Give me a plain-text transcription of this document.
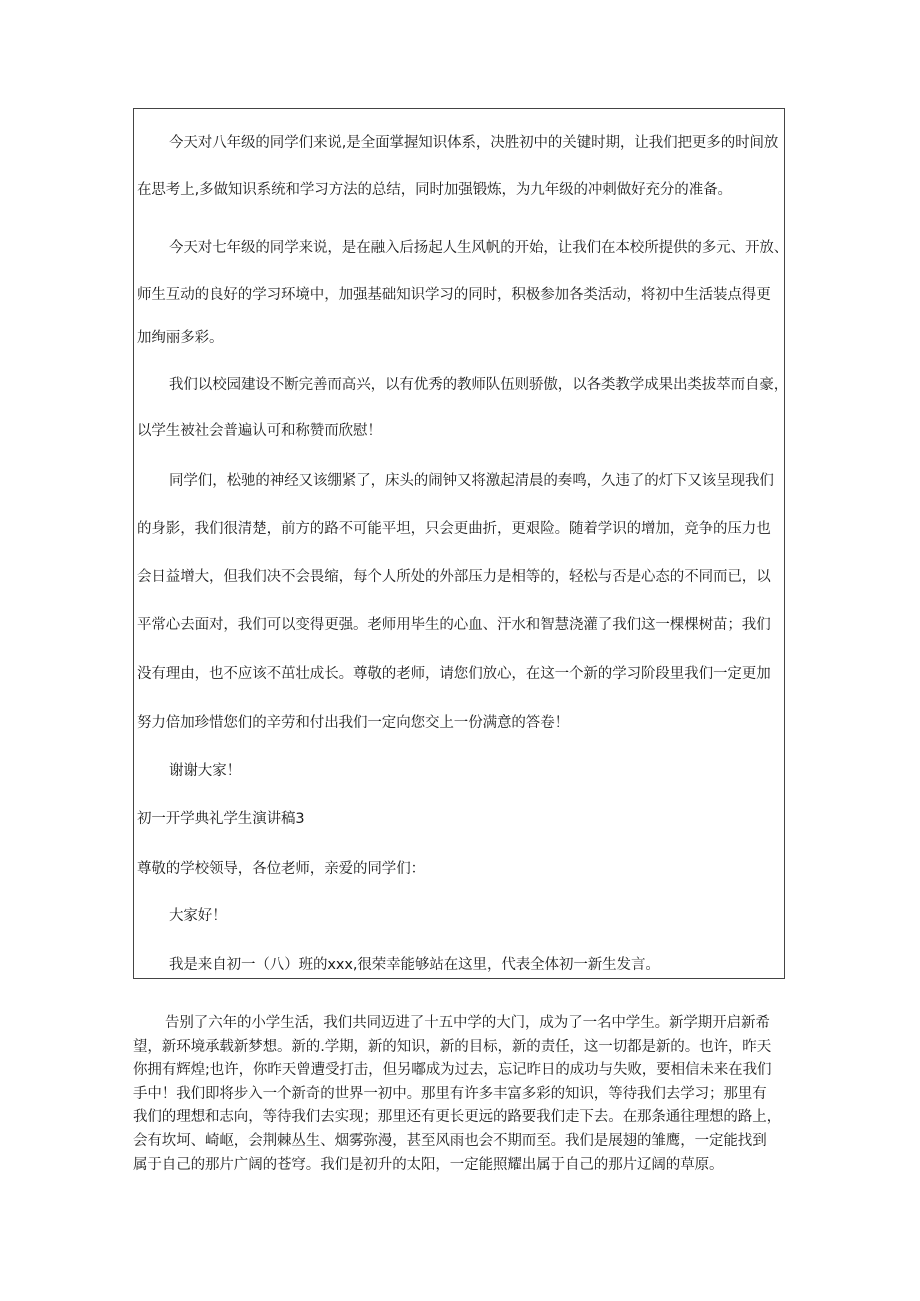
今天对八年级的同学们来说,是全面掌握知识体系，决胜初中的关键时期，让我们把更多的时间放
在思考上,多做知识系统和学习方法的总结，同时加强锻炼，为九年级的冲刺做好充分的准备。
今天对七年级的同学来说，是在融入后扬起人生风帆的开始，让我们在本校所提供的多元、开放、
师生互动的良好的学习环境中，加强基础知识学习的同时，积极参加各类活动，将初中生活装点得更
加绚丽多彩。
我们以校园建设不断完善而高兴，以有优秀的教师队伍则骄傲，以各类教学成果出类拔萃而自豪，
以学生被社会普遍认可和称赞而欣慰！
同学们，松驰的神经又该绷紧了，床头的闹钟又将激起清晨的奏鸣，久违了的灯下又该呈现我们
的身影，我们很清楚，前方的路不可能平坦，只会更曲折，更艰险。随着学识的增加，竞争的压力也
会日益增大，但我们决不会畏缩，每个人所处的外部压力是相等的，轻松与否是心态的不同而已，以
平常心去面对，我们可以变得更强。老师用毕生的心血、汗水和智慧浇灌了我们这一棵棵树苗；我们
没有理由，也不应该不茁壮成长。尊敬的老师，请您们放心，在这一个新的学习阶段里我们一定更加
努力倍加珍惜您们的辛劳和付出我们一定向您交上一份满意的答卷！
谢谢大家！
初一开学典礼学生演讲稿3
尊敬的学校领导，各位老师，亲爱的同学们：
大家好！
我是来自初一（八）班的xxx,很荣幸能够站在这里，代表全体初一新生发言。
告别了六年的小学生活，我们共同迈进了十五中学的大门，成为了一名中学生。新学期开启新希
望，新环境承载新梦想。新的.学期，新的知识，新的目标，新的责任，这一切都是新的。也许，昨天
你拥有辉煌;也许，你昨天曾遭受打击，但另嘟成为过去，忘记昨日的成功与失败，要相信未来在我们
手中！我们即将步入一个新奇的世界一初中。那里有许多丰富多彩的知识，等待我们去学习；那里有
我们的理想和志向，等待我们去实现；那里还有更长更远的路要我们走下去。在那条通往理想的路上，
会有坎坷、崎岖，会荆棘丛生、烟雾弥漫，甚至风雨也会不期而至。我们是展翅的雏鹰，一定能找到
属于自己的那片广阔的苍穹。我们是初升的太阳，一定能照耀出属于自己的那片辽阔的草原。
